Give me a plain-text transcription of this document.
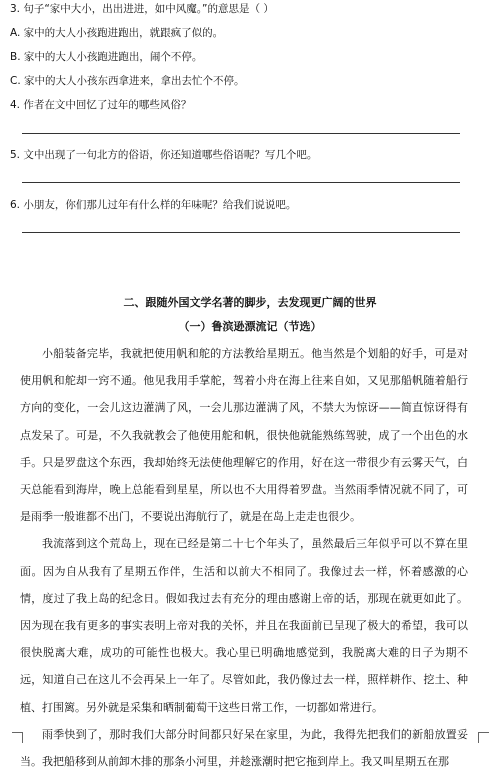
3. 句子“家中大小，出出进进，如中风魔。”的意思是（ ）
A. 家中的大人小孩跑进跑出，就跟疯了似的。
B. 家中的大人小孩跑进跑出，闹个不停。
C. 家中的大人小孩东西拿进来，拿出去忙个不停。
4. 作者在文中回忆了过年的哪些风俗？
5. 文中出现了一句北方的俗语，你还知道哪些俗语呢？写几个吧。
6. 小朋友，你们那儿过年有什么样的年味呢？给我们说说吧。
二、跟随外国文学名著的脚步，去发现更广阔的世界
（一）鲁滨逊漂流记（节选）

小船装备完毕，我就把使用帆和舵的方法教给星期五。他当然是个划船的好手，可是对使用帆和舵却一窍不通。他见我用手掌舵，驾着小舟在海上往来自如，又见那船帆随着船行方向的变化，一会儿这边灌满了风，一会儿那边灌满了风，不禁大为惊讶——简直惊讶得有点发呆了。可是，不久我就教会了他使用舵和帆，很快他就能熟练驾驶，成了一个出色的水手。只是罗盘这个东西，我却始终无法使他理解它的作用，好在这一带很少有云雾天气，白天总能看到海岸，晚上总能看到星星，所以也不大用得着罗盘。当然雨季情况就不同了，可是雨季一般谁都不出门，不要说出海航行了，就是在岛上走走也很少。

我流落到这个荒岛上，现在已经是第二十七个年头了，虽然最后三年似乎可以不算在里面。因为自从我有了星期五作伴，生活和以前大不相同了。我像过去一样，怀着感激的心情，度过了我上岛的纪念日。假如我过去有充分的理由感谢上帝的话，那现在就更如此了。因为现在我有更多的事实表明上帝对我的关怀，并且在我面前已呈现了极大的希望，我可以很快脱离大难，成功的可能性也极大。我心里已明确地感觉到，我脱离大难的日子为期不远，知道自己在这儿不会再呆上一年了。尽管如此，我仍像过去一样，照样耕作、挖土、种植、打围篱。另外就是采集和晒制葡萄干这些日常工作，一切都如常进行。

雨季快到了，那时我们大部分时间都只好呆在家里，为此，我得先把我们的新船放置妥当。我把船移到从前卸木排的那条小河里，并趁涨潮时把它拖到岸上。我又叫星期五在那
